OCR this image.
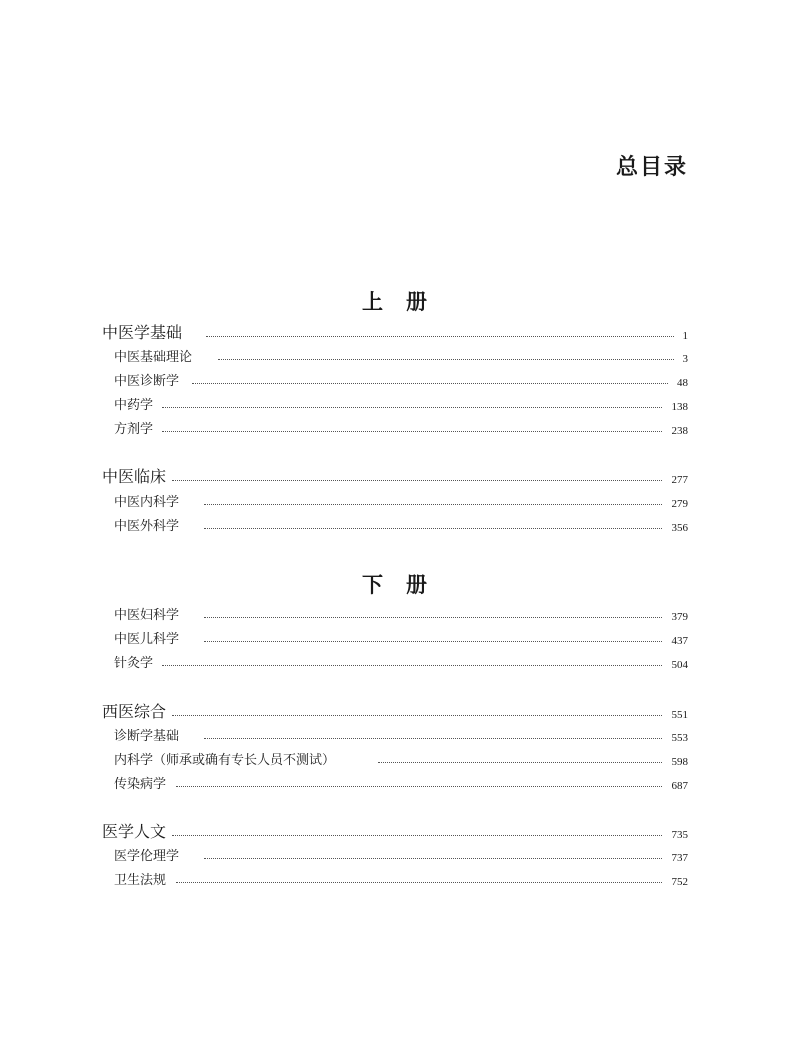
总目录
上 册
中医学基础	1
中医基础理论	3
中医诊断学	48
中药学	138
方剂学	238
中医临床	277
中医内科学	279
中医外科学	356
下 册
中医妇科学	379
中医儿科学	437
针灸学	504
西医综合	551
诊断学基础	553
内科学（师承或确有专长人员不测试）	598
传染病学	687
医学人文	735
医学伦理学	737
卫生法规	752
